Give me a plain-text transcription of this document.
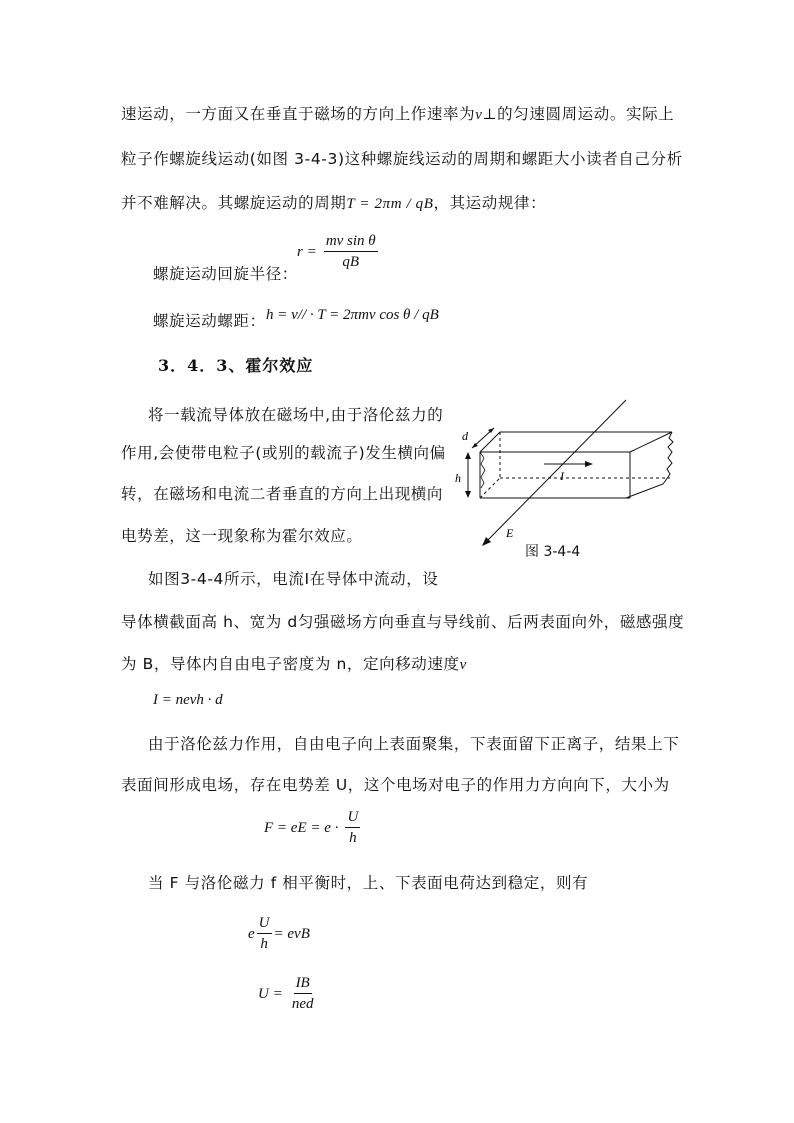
速运动，一方面又在垂直于磁场的方向上作速率为v⊥的匀速圆周运动。实际上
粒子作螺旋线运动(如图 3-4-3)这种螺旋线运动的周期和螺距大小读者自己分析
并不难解决。其螺旋运动的周期T = 2πm / qB，其运动规律：
螺旋运动回旋半径：
$r = \frac{\text{mv sin θ}}{qB}$
螺旋运动螺距： h = v// · T = 2πmv cos θ / qB
3．4．3、霍尔效应
将一载流导体放在磁场中,由于洛伦兹力的
作用,会使带电粒子(或别的载流子)发生横向偏
转，在磁场和电流二者垂直的方向上出现横向
电势差，这一现象称为霍尔效应。
d
h	I
E
图 3-4-4
如图3-4-4所示，电流I在导体中流动，设
导体横截面高 h、宽为 d匀强磁场方向垂直与导线前、后两表面向外，磁感强度
为 B，导体内自由电子密度为 n，定向移动速度v
I = nevh · d
由于洛伦兹力作用，自由电子向上表面聚集，下表面留下正离子，结果上下
表面间形成电场，存在电势差 U，这个电场对电子的作用力方向向下，大小为
F = eE = $e \cdot \frac{U}{h}$
当 F 与洛伦磁力 f 相平衡时，上、下表面电荷达到稳定，则有
e $\frac{U}{h}$ = evB
$U = \frac{IB}{\text{ned}}$
